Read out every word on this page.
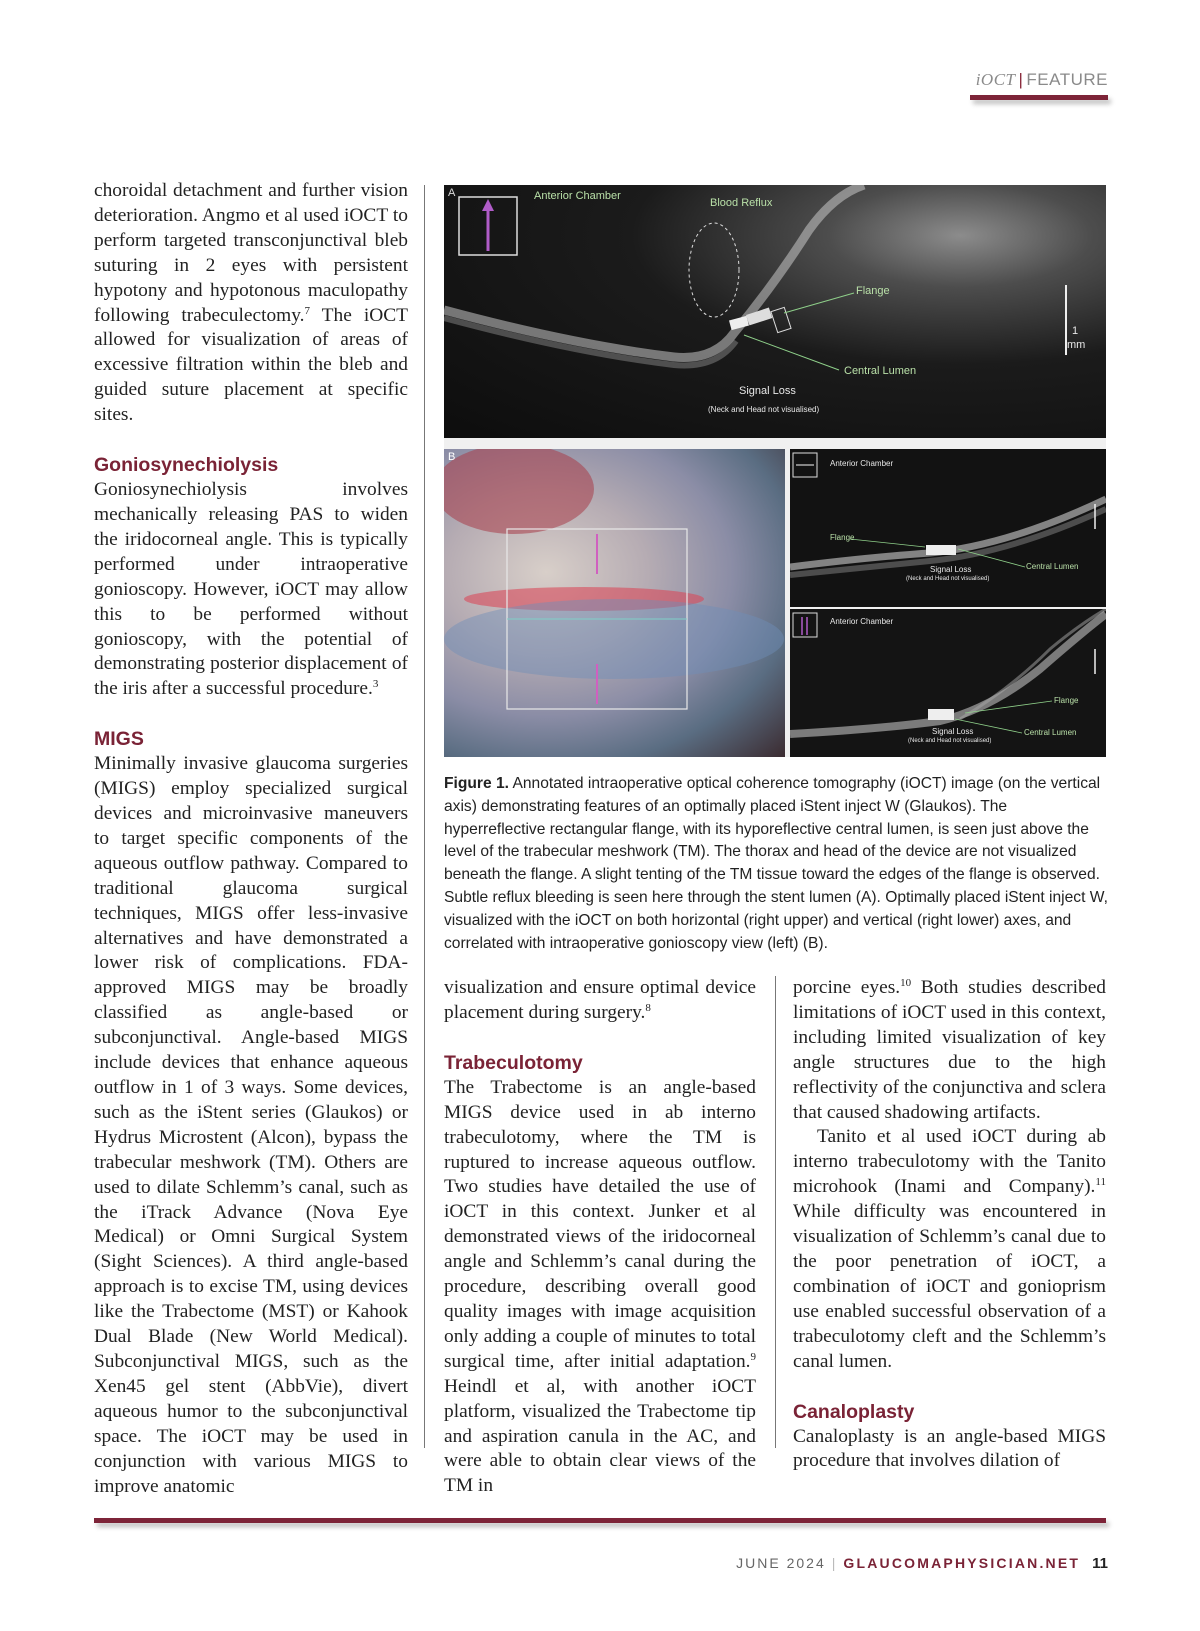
iOCT | FEATURE

choroidal detachment and further vision deterioration. Angmo et al used iOCT to perform targeted transconjunctival bleb suturing in 2 eyes with persistent hypotony and hypotonous maculopathy following trabeculectomy.$^7$ The iOCT allowed for visualization of areas of excessive filtration within the bleb and guided suture placement at specific sites.

Goniosynechiolysis

Goniosynechiolysis involves mechanically releasing PAS to widen the iridocorneal angle. This is typically performed under intraoperative gonioscopy. However, iOCT may allow this to be performed without gonioscopy, with the potential of demonstrating posterior displacement of the iris after a successful procedure.$^3$

MIGS

Minimally invasive glaucoma surgeries (MIGS) employ specialized surgical devices and microinvasive maneuvers to target specific components of the aqueous outflow pathway. Compared to traditional glaucoma surgical techniques, MIGS offer less-invasive alternatives and have demonstrated a lower risk of complications. FDA-approved MIGS may be broadly classified as angle-based or subconjunctival. Angle-based MIGS include devices that enhance aqueous outflow in 1 of 3 ways. Some devices, such as the iStent series (Glaukos) or Hydrus Microstent (Alcon), bypass the trabecular meshwork (TM). Others are used to dilate Schlemm’s canal, such as the iTrack Advance (Nova Eye Medical) or Omni Surgical System (Sight Sciences). A third angle-based approach is to excise TM, using devices like the Trabectome (MST) or Kahook Dual Blade (New World Medical). Subconjunctival MIGS, such as the Xen45 gel stent (AbbVie), divert aqueous humor to the subconjunctival space. The iOCT may be used in conjunction with various MIGS to improve anatomic

A	Anterior Chamber
Blood Reflux
Flange
Central Lumen
Signal Loss
(Neck and Head not visualised)
1
mm
B
Anterior Chamber
Flange
Central Lumen
Signal Loss
(Neck and Head not visualised)
Anterior Chamber
Flange
Central Lumen
Signal Loss
(Neck and Head not visualised)
Figure 1. Annotated intraoperative optical coherence tomography (iOCT) image (on the vertical axis) demonstrating features of an optimally placed iStent inject W (Glaukos). The hyperreflective rectangular flange, with its hyporeflective central lumen, is seen just above the level of the trabecular meshwork (TM). The thorax and head of the device are not visualized beneath the flange. A slight tenting of the TM tissue toward the edges of the flange is observed. Subtle reflux bleeding is seen here through the stent lumen (A). Optimally placed iStent inject W, visualized with the iOCT on both horizontal (right upper) and vertical (right lower) axes, and correlated with intraoperative gonioscopy view (left) (B).

visualization and ensure optimal device placement during surgery.$^8$

Trabeculotomy

The Trabectome is an angle-based MIGS device used in ab interno trabeculotomy, where the TM is ruptured to increase aqueous outflow. Two studies have detailed the use of iOCT in this context. Junker et al demonstrated views of the iridocorneal angle and Schlemm’s canal during the procedure, describing overall good quality images with image acquisition only adding a couple of minutes to total surgical time, after initial adaptation.$^9$ Heindl et al, with another iOCT platform, visualized the Trabectome tip and aspiration canula in the AC, and were able to obtain clear views of the TM in

porcine eyes.$^{10}$ Both studies described limitations of iOCT used in this context, including limited visualization of key angle structures due to the high reflectivity of the conjunctiva and sclera that caused shadowing artifacts.

Tanito et al used iOCT during ab interno trabeculotomy with the Tanito microhook (Inami and Company).$^{11}$ While difficulty was encountered in visualization of Schlemm’s canal due to the poor penetration of iOCT, a combination of iOCT and gonioprism use enabled successful observation of a trabeculotomy cleft and the Schlemm’s canal lumen.

Canaloplasty

Canaloplasty is an angle-based MIGS procedure that involves dilation of

JUNE 2024 | GLAUCOMAPHYSICIAN.NET 11
